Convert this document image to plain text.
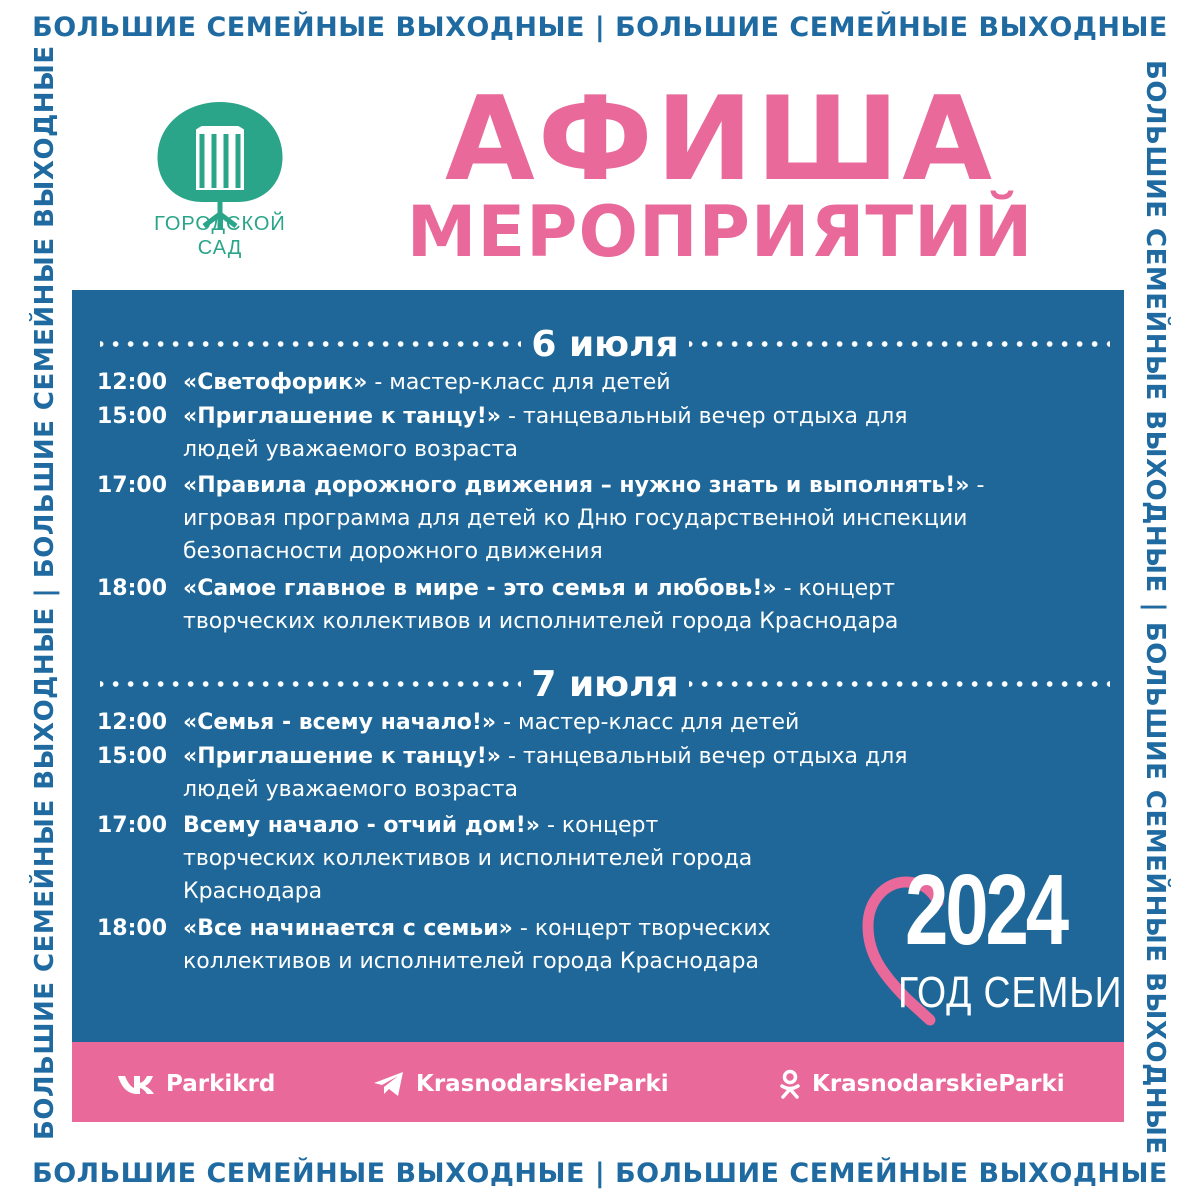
БОЛЬШИЕ СЕМЕЙНЫЕ ВЫХОДНЫЕ | БОЛЬШИЕ СЕМЕЙНЫЕ ВЫХОДНЫЕ
БОЛЬШИЕ СЕМЕЙНЫЕ ВЫХОДНЫЕ | БОЛЬШИЕ СЕМЕЙНЫЕ ВЫХОДНЫЕ
БОЛЬШИЕ СЕМЕЙНЫЕ ВЫХОДНЫЕ | БОЛЬШИЕ СЕМЕЙНЫЕ ВЫХОДНЫЕ	БОЛЬШИЕ СЕМЕЙНЫЕ ВЫХОДНЫЕ | БОЛЬШИЕ СЕМЕЙНЫЕ ВЫХОДНЫЕ
ГОРОДСКОЙ
САД
АФИША
МЕРОПРИЯТИЙ
6 июля
12:00 «Светофорик» - мастер-класс для детей
15:00 «Приглашение к танцу!» - танцевальный вечер отдыха для людей уважаемого возраста
17:00 «Правила дорожного движения – нужно знать и выполнять!» - игровая программа для детей ко Дню государственной инспекции безопасности дорожного движения
18:00 «Самое главное в мире - это семья и любовь!» - концерт творческих коллективов и исполнителей города Краснодара
7 июля
12:00 «Семья - всему начало!» - мастер-класс для детей
15:00 «Приглашение к танцу!» - танцевальный вечер отдыха для людей уважаемого возраста
17:00 Всему начало - отчий дом!» - концерт творческих коллективов и исполнителей города Краснодара
18:00 «Все начинается с семьи» - концерт творческих коллективов и исполнителей города Краснодара	2024
ГОД СЕМЬИ
Parkikrd	KrasnodarskieParki	KrasnodarskieParki
